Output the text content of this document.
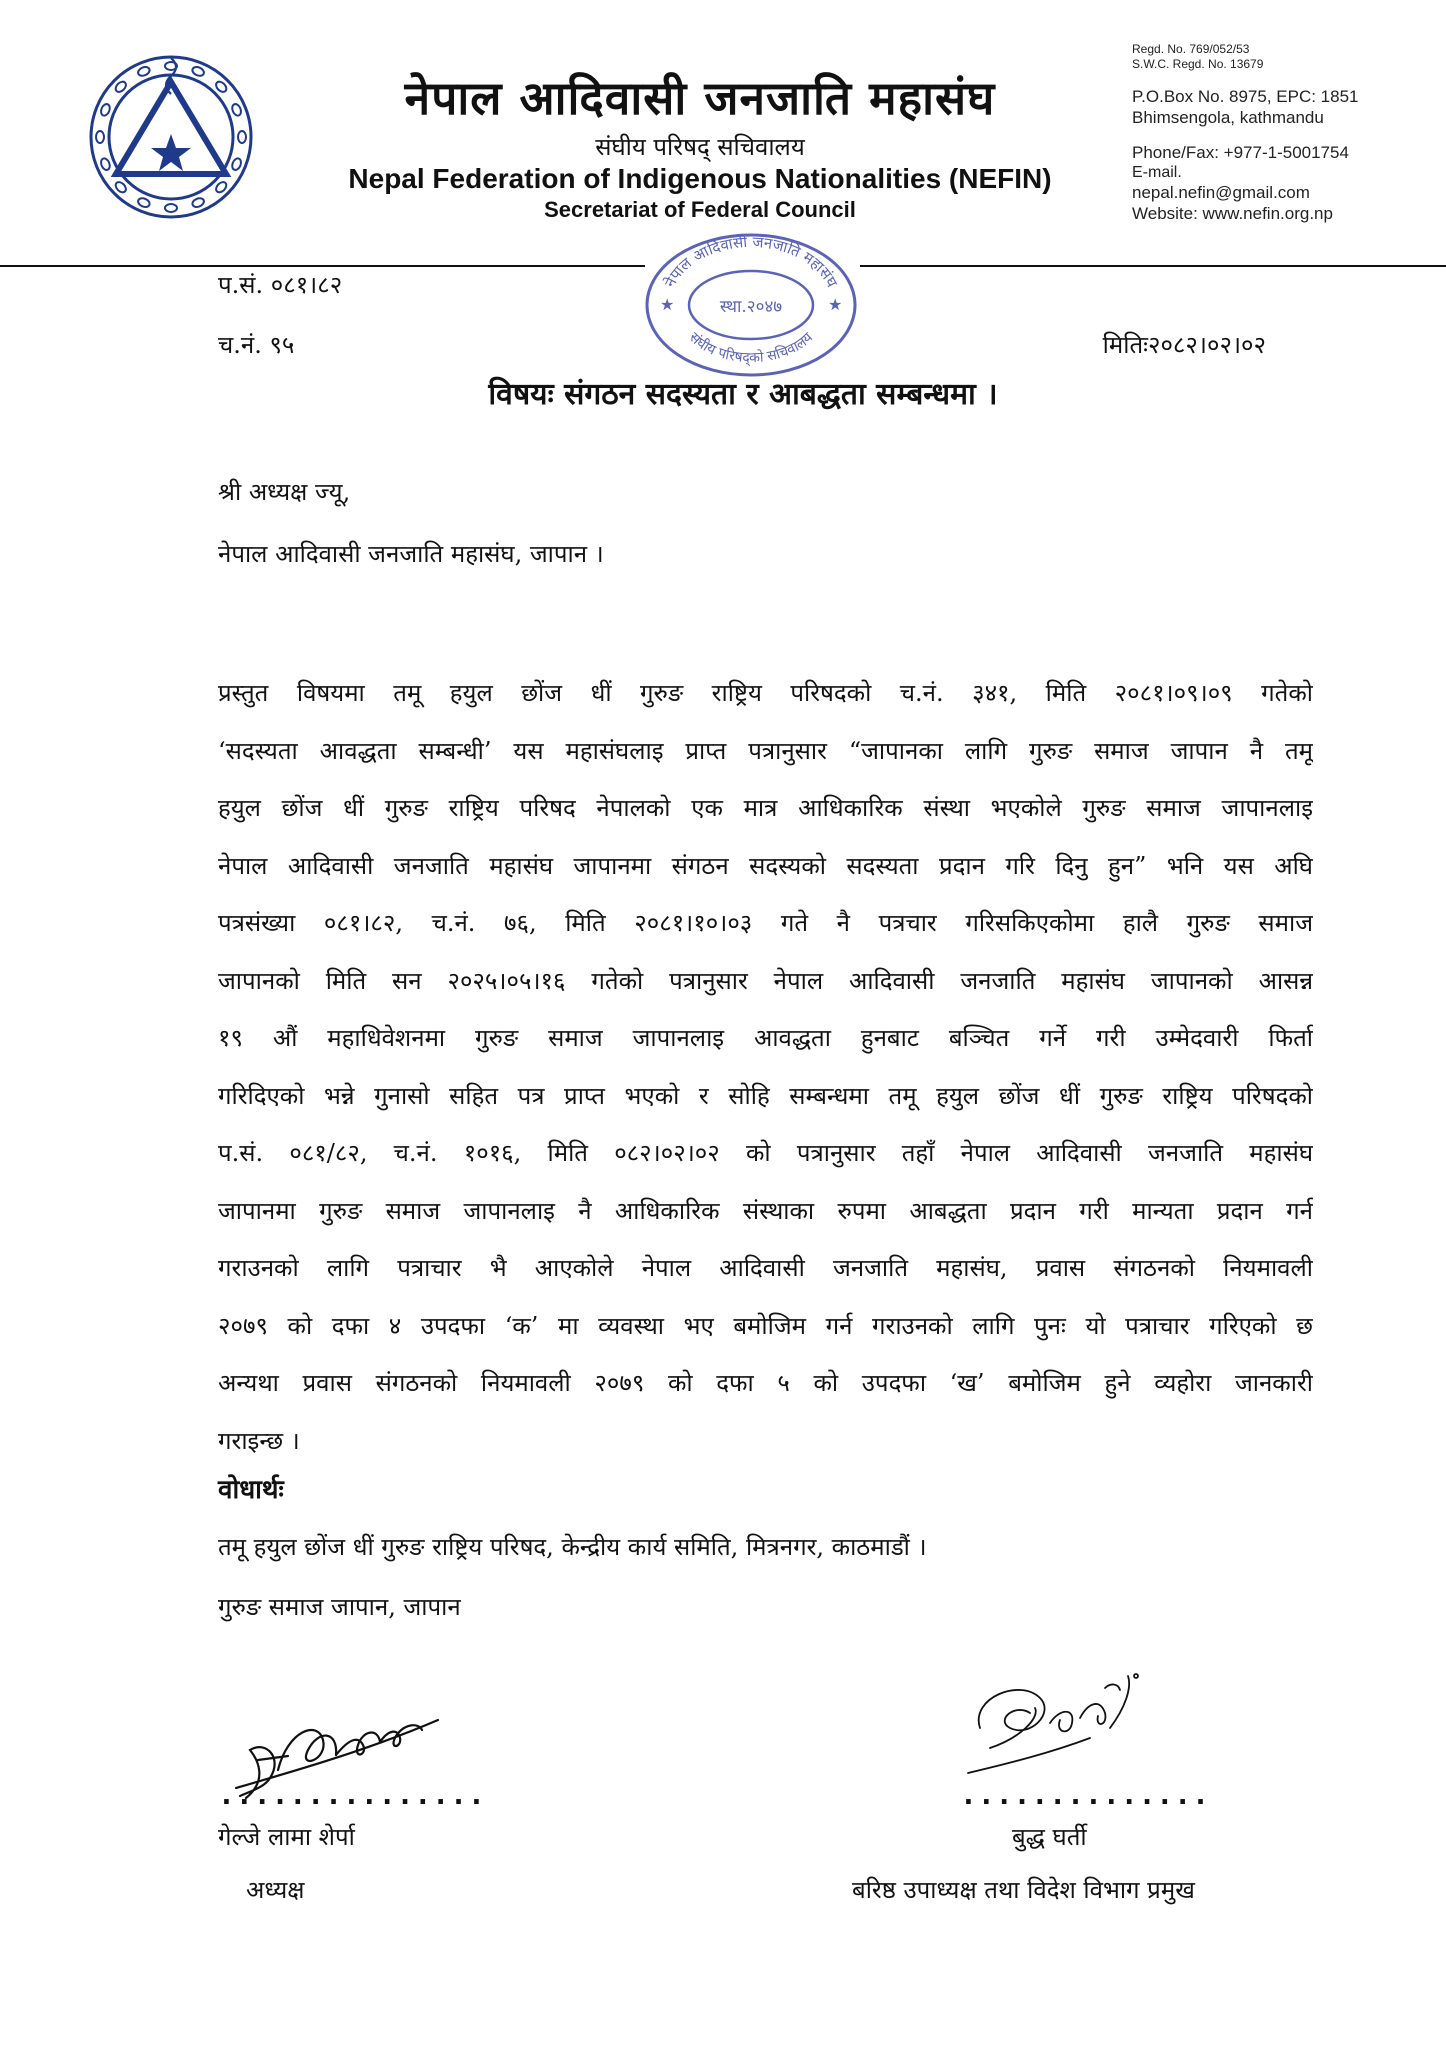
नेपाल आदिवासी जनजाति महासंघ
संघीय परिषद् सचिवालय
Nepal Federation of Indigenous Nationalities (NEFIN)
Secretariat of Federal Council
Regd. No. 769/052/53
S.W.C. Regd. No. 13679
P.O.Box No. 8975, EPC: 1851
Bhimsengola, kathmandu
Phone/Fax: +977-1-5001754
E-mail.
nepal.nefin@gmail.com
Website: www.nefin.org.np
नेपाल आदिवासी जनजाति महासंघ
संघीय परिषद्को सचिवालय
स्था.२०४७
★	★
प.सं. ०८१।८२
च.नं. ९५	मितिः२०८२।०२।०२
विषयः संगठन सदस्यता र आबद्धता सम्बन्धमा ।
श्री अध्यक्ष ज्यू,
नेपाल आदिवासी जनजाति महासंघ, जापान ।
प्रस्तुत विषयमा तमू हयुल छोंज धीं गुरुङ राष्ट्रिय परिषदको च.नं. ३४१, मिति २०८१।०९।०९ गतेको
‘सदस्यता आवद्धता सम्बन्धी’ यस महासंघलाइ प्राप्त पत्रानुसार “जापानका लागि गुरुङ समाज जापान नै तमू
हयुल छोंज धीं गुरुङ राष्ट्रिय परिषद नेपालको एक मात्र आधिकारिक संस्था भएकोले गुरुङ समाज जापानलाइ
नेपाल आदिवासी जनजाति महासंघ जापानमा संगठन सदस्यको सदस्यता प्रदान गरि दिनु हुन” भनि यस अघि
पत्रसंख्या ०८१।८२, च.नं. ७६, मिति २०८१।१०।०३ गते नै पत्रचार गरिसकिएकोमा हालै गुरुङ समाज
जापानको मिति सन २०२५।०५।१६ गतेको पत्रानुसार नेपाल आदिवासी जनजाति महासंघ जापानको आसन्न
१९ औं महाधिवेशनमा गुरुङ समाज जापानलाइ आवद्धता हुनबाट बञ्चित गर्ने गरी उम्मेदवारी फिर्ता
गरिदिएको भन्ने गुनासो सहित पत्र प्राप्त भएको र सोहि सम्बन्धमा तमू हयुल छोंज धीं गुरुङ राष्ट्रिय परिषदको
प.सं. ०८१/८२, च.नं. १०१६, मिति ०८२।०२।०२ को पत्रानुसार तहाँ नेपाल आदिवासी जनजाति महासंघ
जापानमा गुरुङ समाज जापानलाइ नै आधिकारिक संस्थाका रुपमा आबद्धता प्रदान गरी मान्यता प्रदान गर्न
गराउनको लागि पत्राचार भै आएकोले नेपाल आदिवासी जनजाति महासंघ, प्रवास संगठनको नियमावली
२०७९ को दफा ४ उपदफा ‘क’ मा व्यवस्था भए बमोजिम गर्न गराउनको लागि पुनः यो पत्राचार गरिएको छ
अन्यथा प्रवास संगठनको नियमावली २०७९ को दफा ५ को उपदफा ‘ख’ बमोजिम हुने व्यहोरा जानकारी
गराइन्छ ।
वोधार्थः
तमू हयुल छोंज धीं गुरुङ राष्ट्रिय परिषद, केन्द्रीय कार्य समिति, मित्रनगर, काठमाडौं ।
गुरुङ समाज जापान, जापान
...............	..............
गेल्जे लामा शेर्पा
अध्यक्ष
बुद्ध घर्ती
बरिष्ठ उपाध्यक्ष तथा विदेश विभाग प्रमुख
